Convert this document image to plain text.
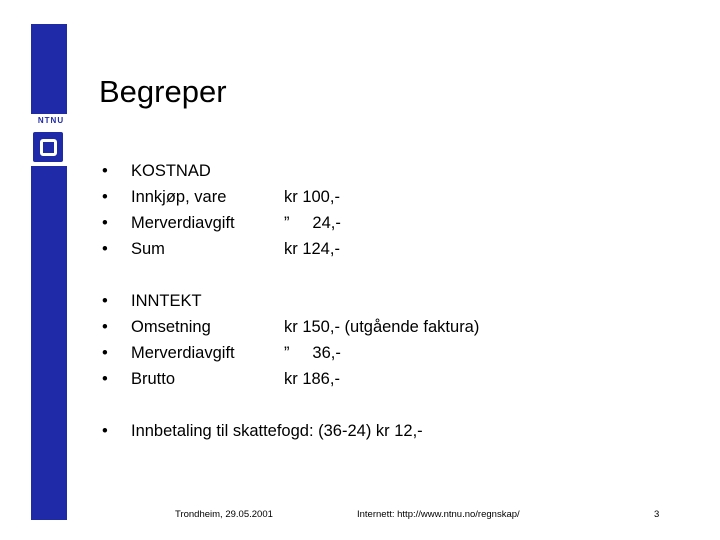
NTNU
Begreper
• KOSTNAD
• Innkjøp, vare	kr 100,-
• Merverdiavgift	”     24,-
• Sum	kr 124,-
• INNTEKT
• Omsetning	kr 150,- (utgående faktura)
• Merverdiavgift	”     36,-
• Brutto	kr 186,-
• Innbetaling til skattefogd: (36-24) kr 12,-
Trondheim, 29.05.2001	Internett: http://www.ntnu.no/regnskap/	3
